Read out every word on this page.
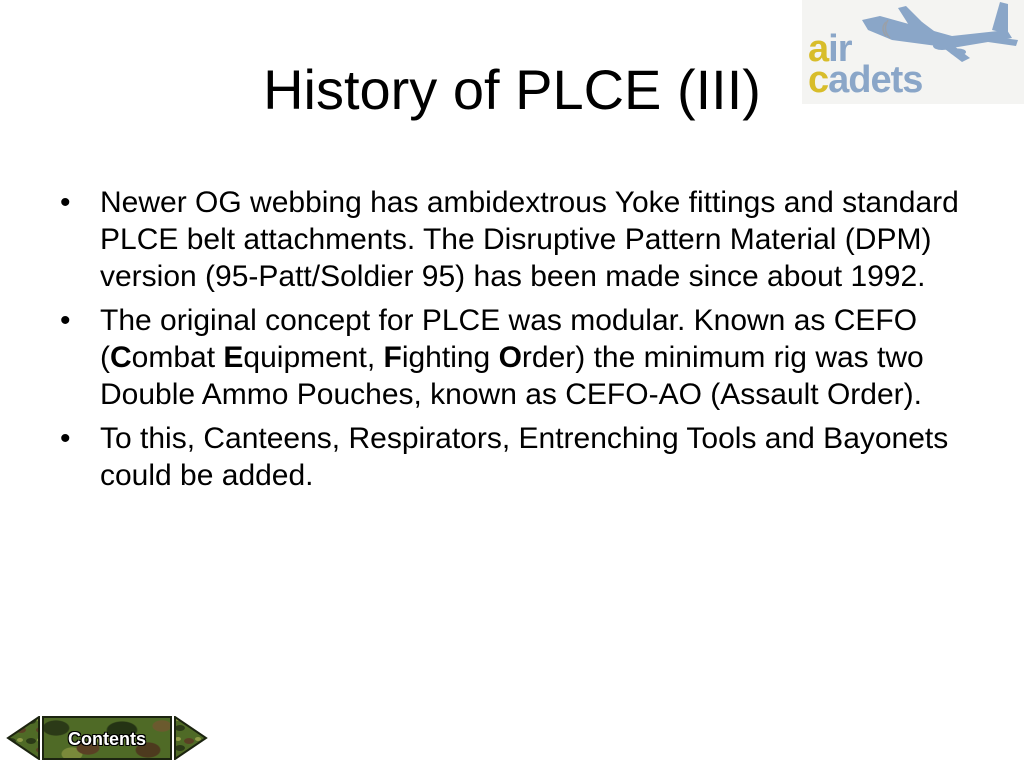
History of PLCE (III)
air
cadets
• Newer OG webbing has ambidextrous Yoke fittings and standard PLCE belt attachments. The Disruptive Pattern Material (DPM) version (95-Patt/Soldier 95) has been made since about 1992.
• The original concept for PLCE was modular. Known as CEFO (Combat Equipment, Fighting Order) the minimum rig was two Double Ammo Pouches, known as CEFO-AO (Assault Order).
• To this, Canteens, Respirators, Entrenching Tools and Bayonets could be added.
Contents
